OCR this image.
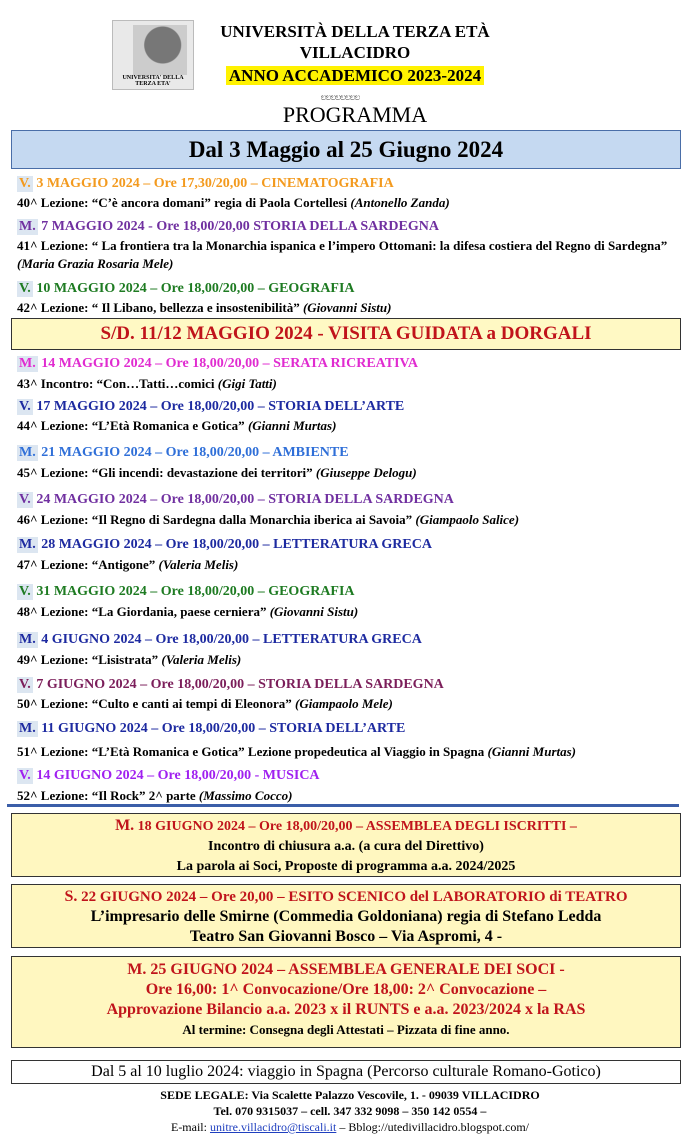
UNIVERSITA' DELLA TERZA ETA'
UNIVERSITÀ DELLA TERZA ETÀ
VILLACIDRO
ANNO ACCADEMICO 2023-2024
ಲಲಲಲಲಲಲಲ
PROGRAMMA
Dal 3 Maggio al 25 Giugno 2024
V. 3 MAGGIO 2024 – Ore 17,30/20,00 – CINEMATOGRAFIA
40^ Lezione: “C’è ancora domani” regia di Paola Cortellesi (Antonello Zanda)
M. 7 MAGGIO 2024 - Ore 18,00/20,00 STORIA DELLA SARDEGNA
41^ Lezione: “ La frontiera tra la Monarchia ispanica e l’impero Ottomani: la difesa costiera del Regno di Sardegna” (Maria Grazia Rosaria Mele)
V. 10 MAGGIO 2024 – Ore 18,00/20,00 – GEOGRAFIA
42^ Lezione: “ Il Libano, bellezza e insostenibilità” (Giovanni Sistu)
S/D. 11/12 MAGGIO 2024 - VISITA GUIDATA a DORGALI
M. 14 MAGGIO 2024 – Ore 18,00/20,00 – SERATA RICREATIVA
43^ Incontro: “Con…Tatti…comici (Gigi Tatti)
V. 17 MAGGIO 2024 – Ore 18,00/20,00 – STORIA DELL’ARTE
44^ Lezione: “L’Età Romanica e Gotica” (Gianni Murtas)
M. 21 MAGGIO 2024 – Ore 18,00/20,00 – AMBIENTE
45^ Lezione: “Gli incendi: devastazione dei territori” (Giuseppe Delogu)
V. 24 MAGGIO 2024 – Ore 18,00/20,00 – STORIA DELLA SARDEGNA
46^ Lezione: “Il Regno di Sardegna dalla Monarchia iberica ai Savoia” (Giampaolo Salice)
M. 28 MAGGIO 2024 – Ore 18,00/20,00 – LETTERATURA GRECA
47^ Lezione: “Antigone” (Valeria Melis)
V. 31 MAGGIO 2024 – Ore 18,00/20,00 – GEOGRAFIA
48^ Lezione: “La Giordania, paese cerniera” (Giovanni Sistu)
M. 4 GIUGNO 2024 – Ore 18,00/20,00 – LETTERATURA GRECA
49^ Lezione: “Lisistrata” (Valeria Melis)
V. 7 GIUGNO 2024 – Ore 18,00/20,00 – STORIA DELLA SARDEGNA
50^ Lezione: “Culto e canti ai tempi di Eleonora” (Giampaolo Mele)
M. 11 GIUGNO 2024 – Ore 18,00/20,00 – STORIA DELL’ARTE
51^ Lezione: “L’Età Romanica e Gotica” Lezione propedeutica al Viaggio in Spagna (Gianni Murtas)
V. 14 GIUGNO 2024 – Ore 18,00/20,00 - MUSICA
52^ Lezione: “Il Rock” 2^ parte (Massimo Cocco)

M. 18 GIUGNO 2024 – Ore 18,00/20,00 – ASSEMBLEA DEGLI ISCRITTI –

Incontro di chiusura a.a. (a cura del Direttivo)

La parola ai Soci, Proposte di programma a.a. 2024/2025

S. 22 GIUGNO 2024 – Ore 20,00 – ESITO SCENICO del LABORATORIO di TEATRO

L’impresario delle Smirne (Commedia Goldoniana) regia di Stefano Ledda

Teatro San Giovanni Bosco – Via Aspromi, 4 -

M. 25 GIUGNO 2024 – ASSEMBLEA GENERALE DEI SOCI -

Ore 16,00: 1^ Convocazione/Ore 18,00: 2^ Convocazione –

Approvazione Bilancio a.a. 2023 x il RUNTS e a.a. 2023/2024 x la RAS

Al termine: Consegna degli Attestati – Pizzata di fine anno.

Dal 5 al 10 luglio 2024: viaggio in Spagna (Percorso culturale Romano-Gotico)
SEDE LEGALE: Via Scalette Palazzo Vescovile, 1. - 09039 VILLACIDRO
Tel. 070 9315037 – cell. 347 332 9098 – 350 142 0554 –
E-mail: unitre.villacidro@tiscali.it – Bblog://utedivillacidro.blogspot.com/
